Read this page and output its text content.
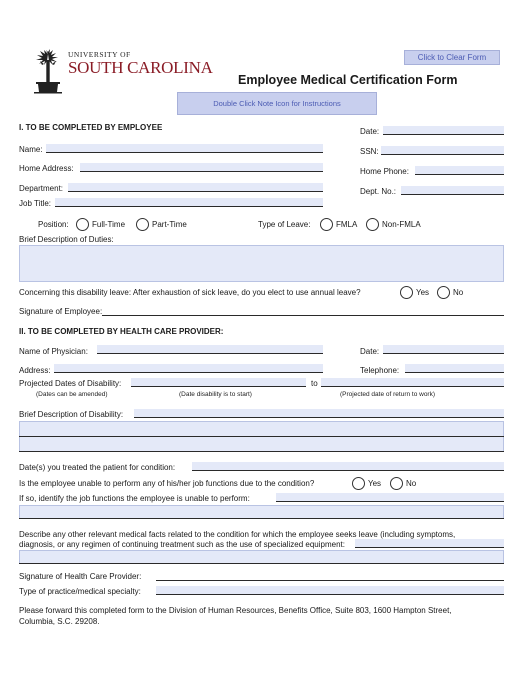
UNIVERSITY OF
SOUTH CAROLINA
Click to Clear Form
Employee Medical Certification Form
Double Click Note Icon for Instructions
I. TO BE COMPLETED BY EMPLOYEE	Date:
Name:	SSN:
Home Address:	Home Phone:
Department:	Dept. No.:
Job Title:
Position:	Full-Time	Part-Time	Type of Leave:	FMLA	Non-FMLA
Brief Description of Duties:
Concerning this disability leave: After exhaustion of sick leave, do you elect to use annual leave?	Yes	No
Signature of Employee:
II. TO BE COMPLETED BY HEALTH CARE PROVIDER:
Name of Physician:	Date:
Address:	Telephone:
Projected Dates of Disability:	to
(Dates can be amended)	(Date disability is to start)	(Projected date of return to work)
Brief Description of Disability:
Date(s) you treated the patient for condition:
Is the employee unable to perform any of his/her job functions due to the condition?	Yes	No
If so, identify the job functions the employee is unable to perform:
Describe any other relevant medical facts related to the condition for which the employee seeks leave (including symptoms,
diagnosis, or any regimen of continuing treatment such as the use of specialized equipment:
Signature of Health Care Provider:
Type of practice/medical specialty:
Please forward this completed form to the Division of Human Resources, Benefits Office, Suite 803, 1600 Hampton Street,
Columbia, S.C. 29208.
